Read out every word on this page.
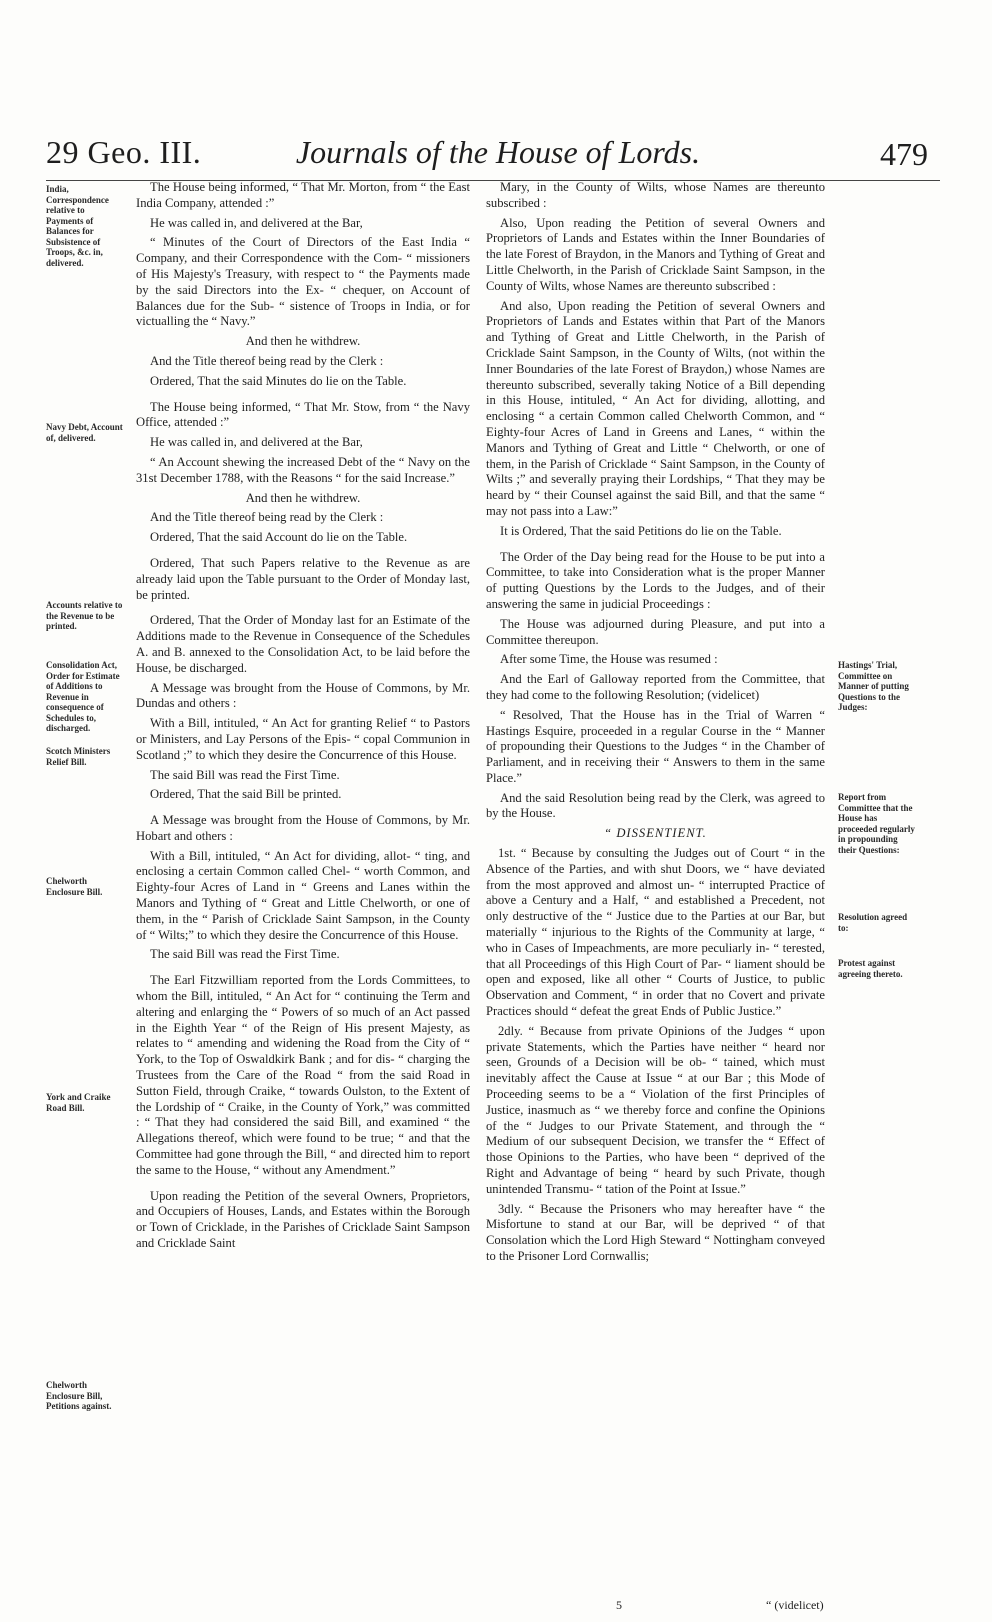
29 Geo. III.	Journals of the House of Lords.	479
India, Correspondence relative to Payments of Balances for Subsistence of Troops, &c. in, delivered.
Navy Debt, Account of, delivered.
Accounts relative to the Revenue to be printed.
Consolidation Act, Order for Estimate of Additions to Revenue in consequence of Schedules to, discharged.
Scotch Ministers Relief Bill.
Chelworth Enclosure Bill.
York and Craike Road Bill.
Chelworth Enclosure Bill, Petitions against.
Hastings' Trial, Committee on Manner of putting Questions to the Judges:
Report from Committee that the House has proceeded regularly in propounding their Questions:
Resolution agreed to:
Protest against agreeing thereto.

The House being informed, “ That Mr. Morton, from “ the East India Company, attended :”

He was called in, and delivered at the Bar,

“ Minutes of the Court of Directors of the East India “ Company, and their Correspondence with the Com- “ missioners of His Majesty's Treasury, with respect to “ the Payments made by the said Directors into the Ex- “ chequer, on Account of Balances due for the Sub- “ sistence of Troops in India, or for victualling the “ Navy.”

And then he withdrew.

And the Title thereof being read by the Clerk :

Ordered, That the said Minutes do lie on the Table.

The House being informed, “ That Mr. Stow, from “ the Navy Office, attended :”

He was called in, and delivered at the Bar,

“ An Account shewing the increased Debt of the “ Navy on the 31st December 1788, with the Reasons “ for the said Increase.”

And then he withdrew.

And the Title thereof being read by the Clerk :

Ordered, That the said Account do lie on the Table.

Ordered, That such Papers relative to the Revenue as are already laid upon the Table pursuant to the Order of Monday last, be printed.

Ordered, That the Order of Monday last for an Estimate of the Additions made to the Revenue in Consequence of the Schedules A. and B. annexed to the Consolidation Act, to be laid before the House, be discharged.

A Message was brought from the House of Commons, by Mr. Dundas and others :

With a Bill, intituled, “ An Act for granting Relief “ to Pastors or Ministers, and Lay Persons of the Epis- “ copal Communion in Scotland ;” to which they desire the Concurrence of this House.

The said Bill was read the First Time.

Ordered, That the said Bill be printed.

A Message was brought from the House of Commons, by Mr. Hobart and others :

With a Bill, intituled, “ An Act for dividing, allot- “ ting, and enclosing a certain Common called Chel- “ worth Common, and Eighty-four Acres of Land in “ Greens and Lanes within the Manors and Tything of “ Great and Little Chelworth, or one of them, in the “ Parish of Cricklade Saint Sampson, in the County of “ Wilts;” to which they desire the Concurrence of this House.

The said Bill was read the First Time.

The Earl Fitzwilliam reported from the Lords Committees, to whom the Bill, intituled, “ An Act for “ continuing the Term and altering and enlarging the “ Powers of so much of an Act passed in the Eighth Year “ of the Reign of His present Majesty, as relates to “ amending and widening the Road from the City of “ York, to the Top of Oswaldkirk Bank ; and for dis- “ charging the Trustees from the Care of the Road “ from the said Road in Sutton Field, through Craike, “ towards Oulston, to the Extent of the Lordship of “ Craike, in the County of York,” was committed : “ That they had considered the said Bill, and examined “ the Allegations thereof, which were found to be true; “ and that the Committee had gone through the Bill, “ and directed him to report the same to the House, “ without any Amendment.”

Upon reading the Petition of the several Owners, Proprietors, and Occupiers of Houses, Lands, and Estates within the Borough or Town of Cricklade, in the Parishes of Cricklade Saint Sampson and Cricklade Saint

Mary, in the County of Wilts, whose Names are thereunto subscribed :

Also, Upon reading the Petition of several Owners and Proprietors of Lands and Estates within the Inner Boundaries of the late Forest of Braydon, in the Manors and Tything of Great and Little Chelworth, in the Parish of Cricklade Saint Sampson, in the County of Wilts, whose Names are thereunto subscribed :

And also, Upon reading the Petition of several Owners and Proprietors of Lands and Estates within that Part of the Manors and Tything of Great and Little Chelworth, in the Parish of Cricklade Saint Sampson, in the County of Wilts, (not within the Inner Boundaries of the late Forest of Braydon,) whose Names are thereunto subscribed, severally taking Notice of a Bill depending in this House, intituled, “ An Act for dividing, allotting, and enclosing “ a certain Common called Chelworth Common, and “ Eighty-four Acres of Land in Greens and Lanes, “ within the Manors and Tything of Great and Little “ Chelworth, or one of them, in the Parish of Cricklade “ Saint Sampson, in the County of Wilts ;” and severally praying their Lordships, “ That they may be heard by “ their Counsel against the said Bill, and that the same “ may not pass into a Law:”

It is Ordered, That the said Petitions do lie on the Table.

The Order of the Day being read for the House to be put into a Committee, to take into Consideration what is the proper Manner of putting Questions by the Lords to the Judges, and of their answering the same in judicial Proceedings :

The House was adjourned during Pleasure, and put into a Committee thereupon.

After some Time, the House was resumed :

And the Earl of Galloway reported from the Committee, that they had come to the following Resolution; (videlicet)

“ Resolved, That the House has in the Trial of Warren “ Hastings Esquire, proceeded in a regular Course in the “ Manner of propounding their Questions to the Judges “ in the Chamber of Parliament, and in receiving their “ Answers to them in the same Place.”

And the said Resolution being read by the Clerk, was agreed to by the House.

“ DISSENTIENT.

1st. “ Because by consulting the Judges out of Court “ in the Absence of the Parties, and with shut Doors, we “ have deviated from the most approved and almost un- “ interrupted Practice of above a Century and a Half, “ and established a Precedent, not only destructive of the “ Justice due to the Parties at our Bar, but materially “ injurious to the Rights of the Community at large, “ who in Cases of Impeachments, are more peculiarly in- “ terested, that all Proceedings of this High Court of Par- “ liament should be open and exposed, like all other “ Courts of Justice, to public Observation and Comment, “ in order that no Covert and private Practices should “ defeat the great Ends of Public Justice.”

2dly. “ Because from private Opinions of the Judges “ upon private Statements, which the Parties have neither “ heard nor seen, Grounds of a Decision will be ob- “ tained, which must inevitably affect the Cause at Issue “ at our Bar ; this Mode of Proceeding seems to be a “ Violation of the first Principles of Justice, inasmuch as “ we thereby force and confine the Opinions of the “ Judges to our Private Statement, and through the “ Medium of our subsequent Decision, we transfer the “ Effect of those Opinions to the Parties, who have been “ deprived of the Right and Advantage of being “ heard by such Private, though unintended Transmu- “ tation of the Point at Issue.”

3dly. “ Because the Prisoners who may hereafter have “ the Misfortune to stand at our Bar, will be deprived “ of that Consolation which the Lord High Steward “ Nottingham conveyed to the Prisoner Lord Cornwallis;

5	“ (videlicet)
